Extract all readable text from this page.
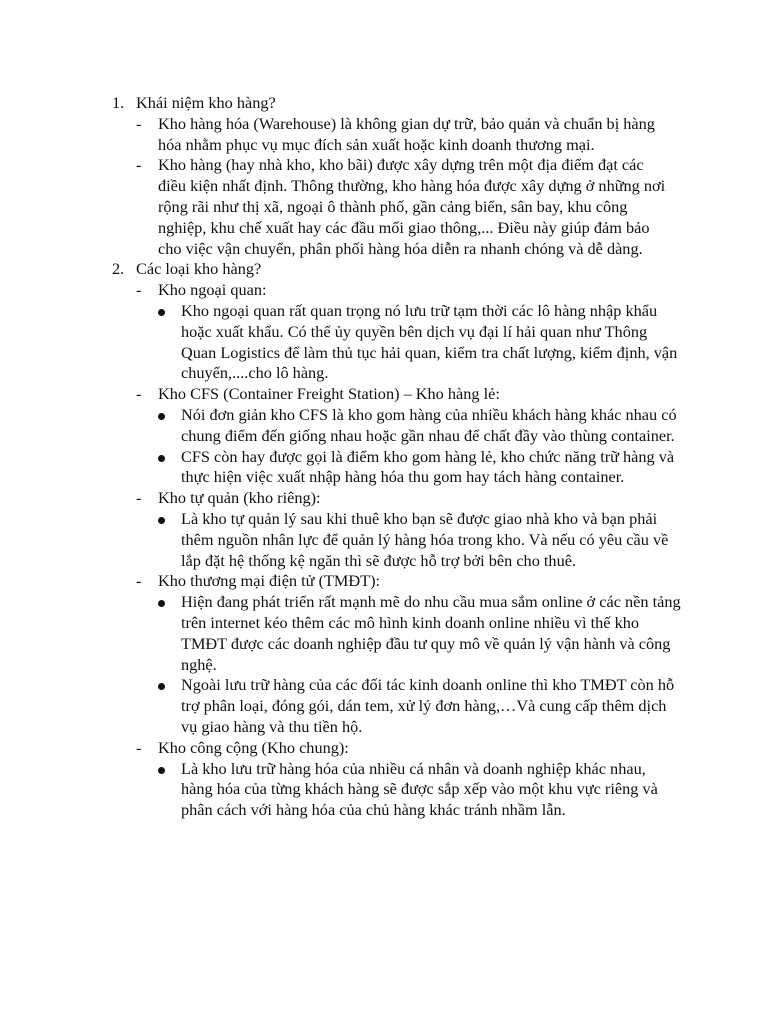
1. Khái niệm kho hàng?
- Kho hàng hóa (Warehouse) là không gian dự trữ, bảo quản và chuẩn bị hàng hóa nhằm phục vụ mục đích sản xuất hoặc kinh doanh thương mại.
- Kho hàng (hay nhà kho, kho bãi) được xây dựng trên một địa điểm đạt các điều kiện nhất định. Thông thường, kho hàng hóa được xây dựng ở những nơi rộng rãi như thị xã, ngoại ô thành phố, gần cảng biển, sân bay, khu công nghiệp, khu chế xuất hay các đầu mối giao thông,... Điều này giúp đảm bảo cho việc vận chuyển, phân phối hàng hóa diễn ra nhanh chóng và dễ dàng.
2. Các loại kho hàng?
- Kho ngoại quan:
Kho ngoại quan rất quan trọng nó lưu trữ tạm thời các lô hàng nhập khẩu hoặc xuất khẩu. Có thể ủy quyền bên dịch vụ đại lí hải quan như Thông Quan Logistics để làm thủ tục hải quan, kiểm tra chất lượng, kiểm định, vận chuyển,....cho lô hàng.
- Kho CFS (Container Freight Station) – Kho hàng lẻ:
Nói đơn giản kho CFS là kho gom hàng của nhiều khách hàng khác nhau có chung điểm đến giống nhau hoặc gần nhau để chất đầy vào thùng container.
CFS còn hay được gọi là điểm kho gom hàng lẻ, kho chức năng trữ hàng và thực hiện việc xuất nhập hàng hóa thu gom hay tách hàng container.
- Kho tự quản (kho riêng):
Là kho tự quản lý sau khi thuê kho bạn sẽ được giao nhà kho và bạn phải thêm nguồn nhân lực để quản lý hàng hóa trong kho. Và nếu có yêu cầu về lắp đặt hệ thống kệ ngăn thì sẽ được hỗ trợ bởi bên cho thuê.
- Kho thương mại điện tử (TMĐT):
Hiện đang phát triển rất mạnh mẽ do nhu cầu mua sắm online ở các nền tảng trên internet kéo thêm các mô hình kinh doanh online nhiều vì thế kho TMĐT được các doanh nghiệp đầu tư quy mô về quản lý vận hành và công nghệ.
Ngoài lưu trữ hàng của các đối tác kinh doanh online thì kho TMĐT còn hỗ trợ phân loại, đóng gói, dán tem, xử lý đơn hàng,…Và cung cấp thêm dịch vụ giao hàng và thu tiền hộ.
- Kho công cộng (Kho chung):
Là kho lưu trữ hàng hóa của nhiều cá nhân và doanh nghiệp khác nhau, hàng hóa của từng khách hàng sẽ được sắp xếp vào một khu vực riêng và phân cách với hàng hóa của chủ hàng khác tránh nhầm lẫn.
